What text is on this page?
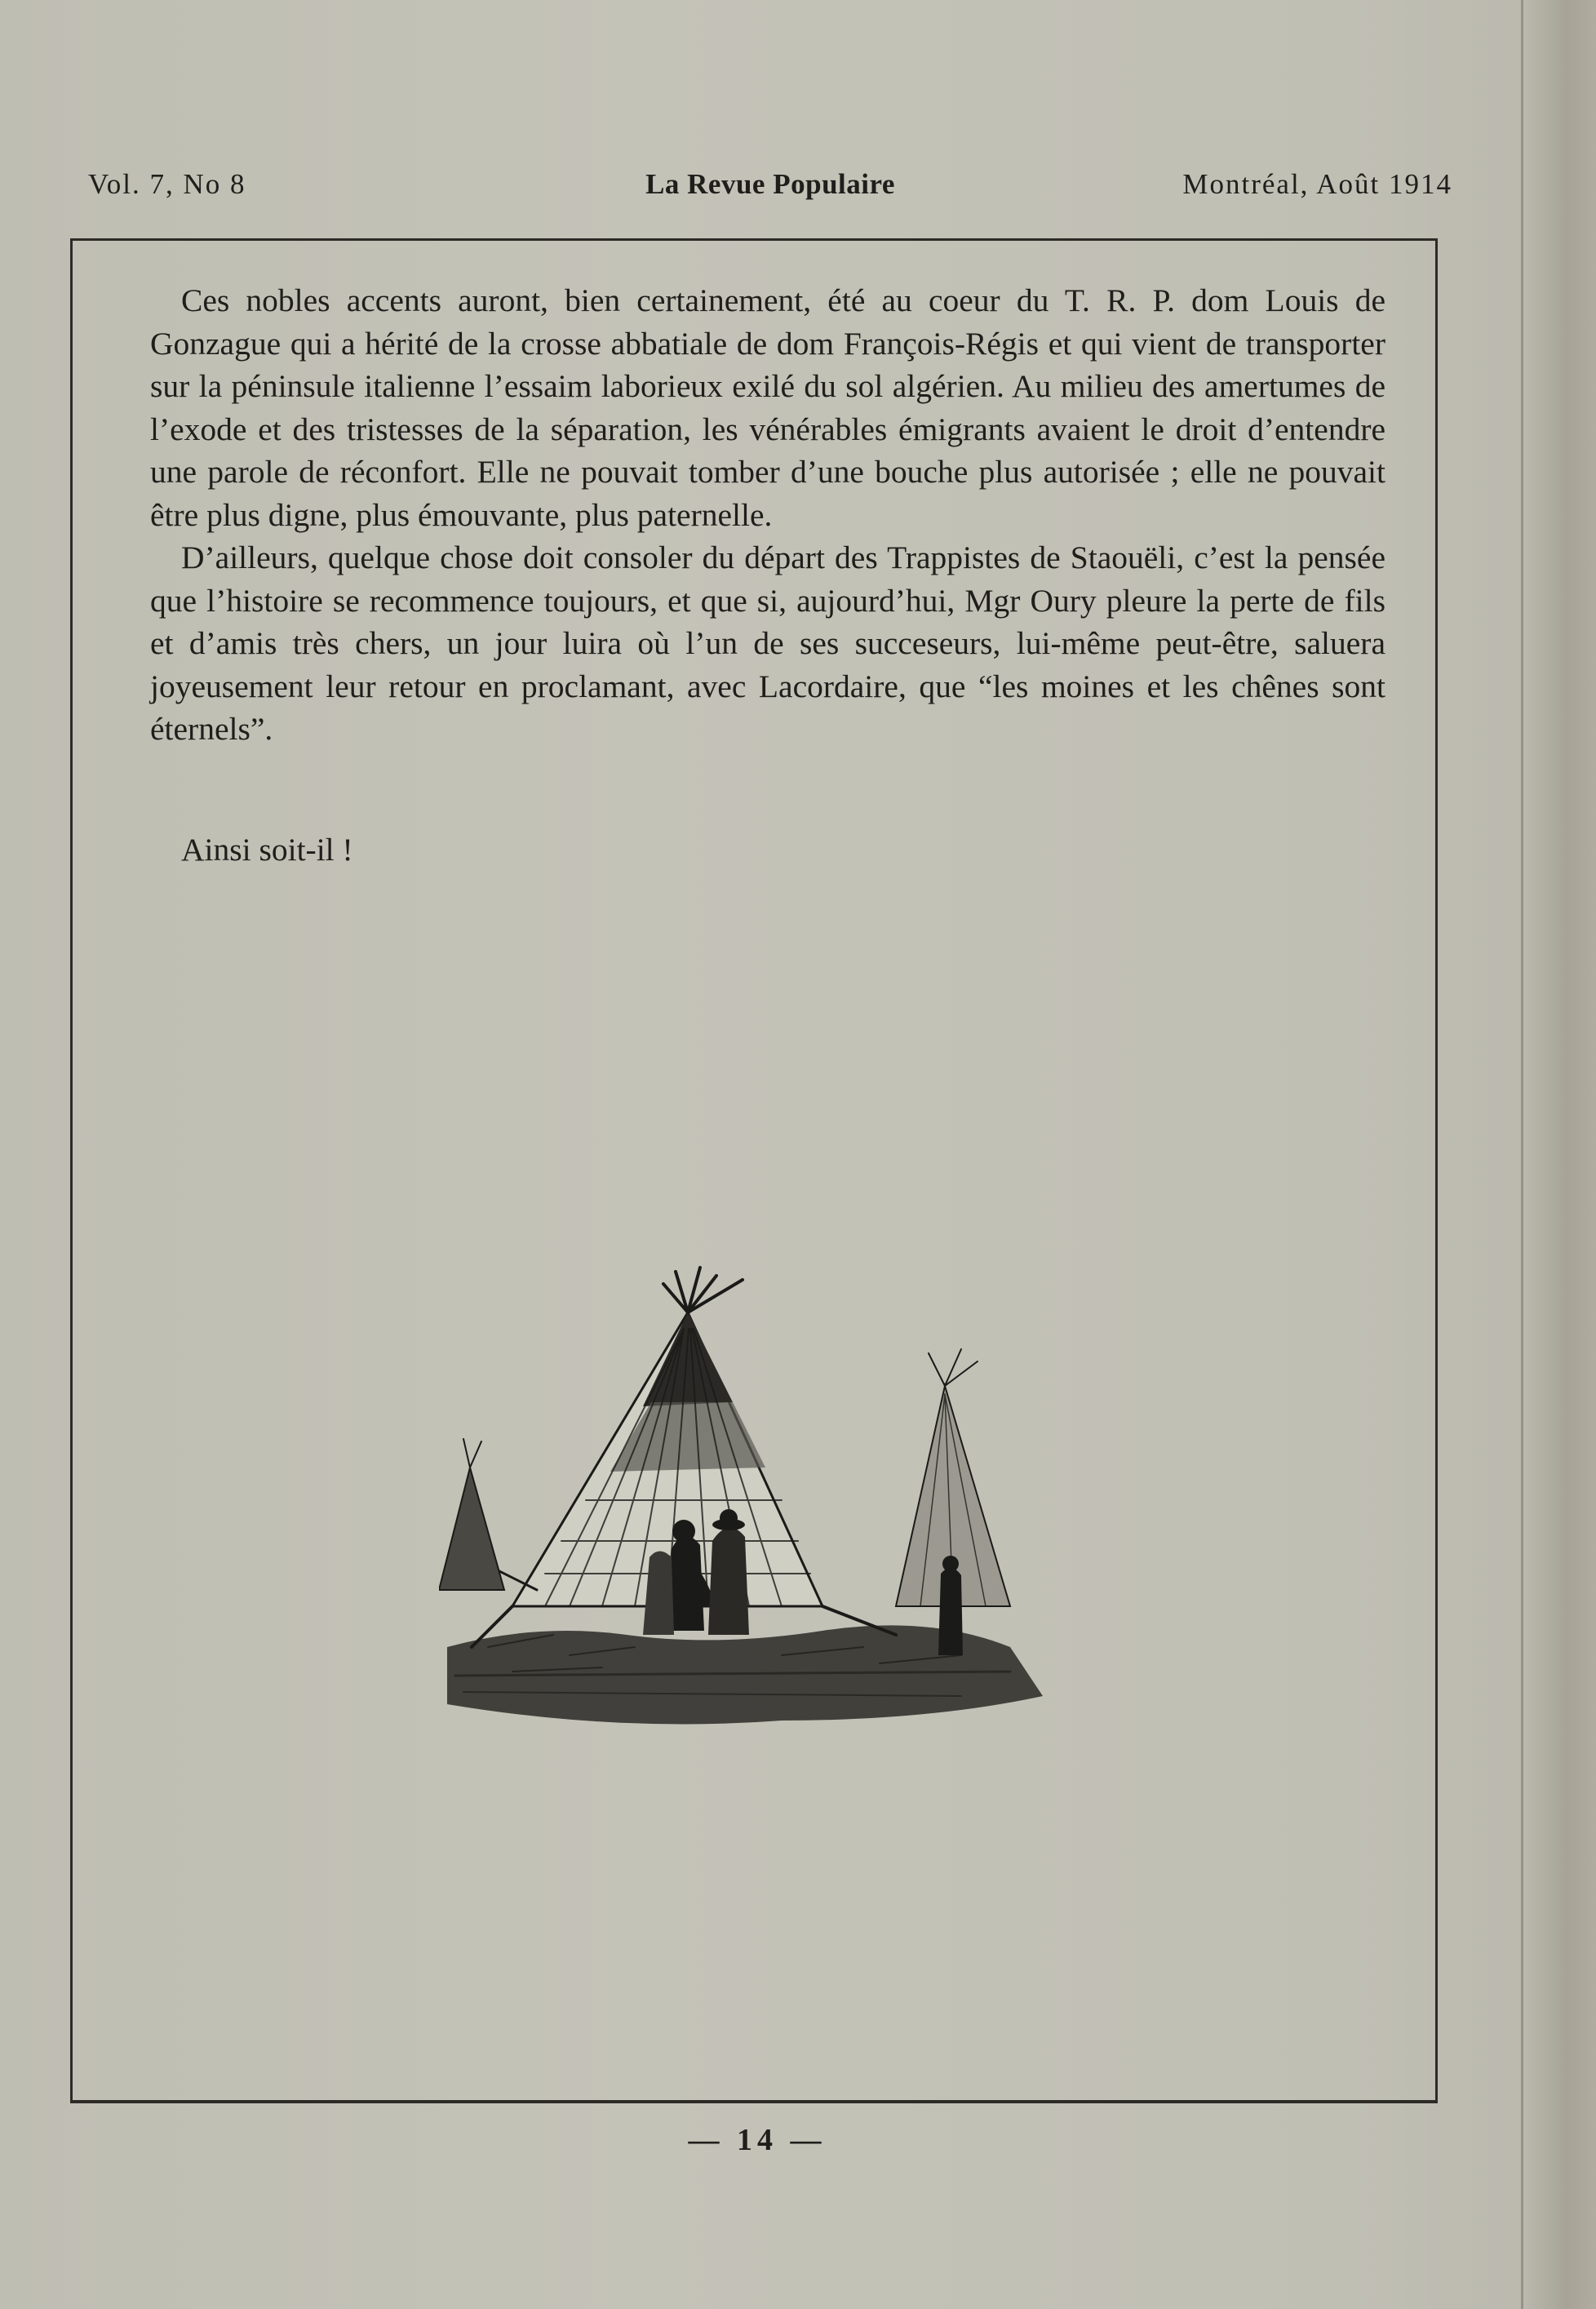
Vol. 7, No 8	La Revue Populaire	Montréal, Août 1914

Ces nobles accents auront, bien certainement, été au coeur du T. R. P. dom Louis de Gonzague qui a hérité de la crosse abbatiale de dom François-Régis et qui vient de transporter sur la péninsule italienne l’essaim laborieux exilé du sol algérien. Au milieu des amertumes de l’exode et des tristesses de la séparation, les vénérables émigrants avaient le droit d’entendre une parole de réconfort. Elle ne pouvait tomber d’une bouche plus autorisée ; elle ne pouvait être plus digne, plus émouvante, plus paternelle.

D’ailleurs, quelque chose doit consoler du départ des Trappistes de Staouëli, c’est la pensée que l’histoire se recommence toujours, et que si, aujourd’hui, Mgr Oury pleure la perte de fils et d’amis très chers, un jour luira où l’un de ses succeseurs, lui-même peut-être, saluera joyeusement leur retour en proclamant, avec Lacordaire, que “les moines et les chênes sont éternels”.

Ainsi soit-il !
— 14 —
